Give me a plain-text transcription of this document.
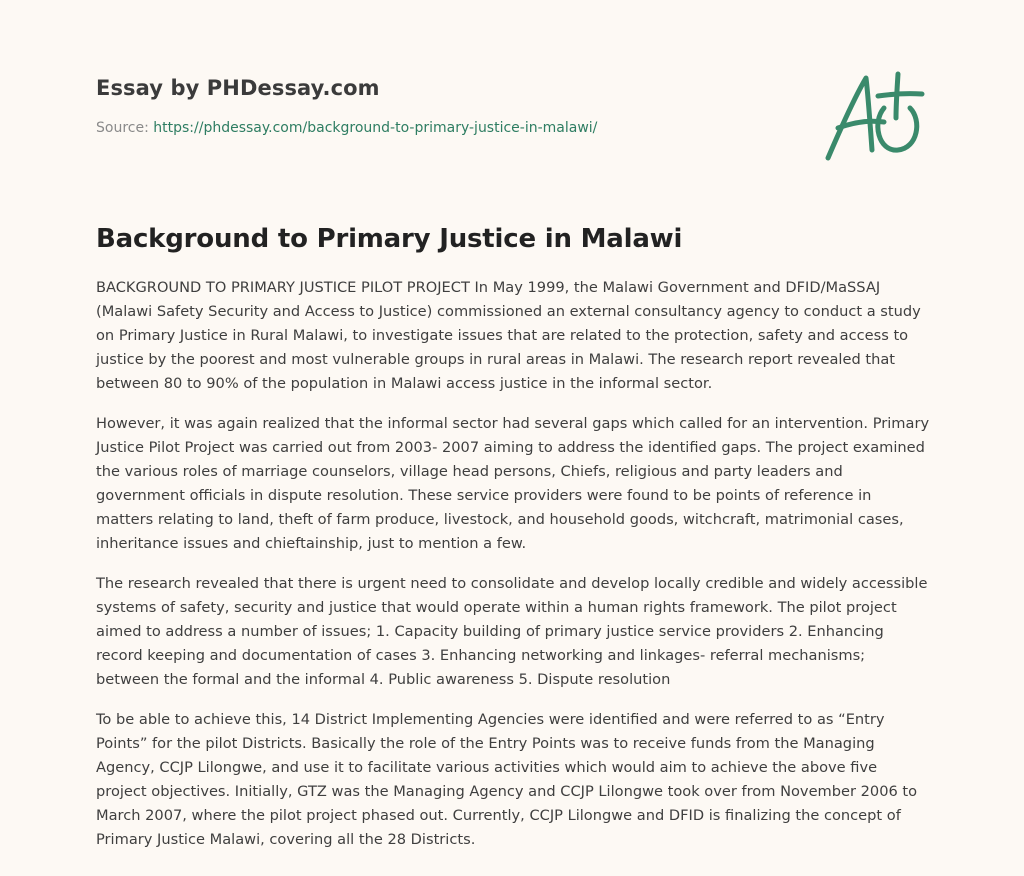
Essay by PHDessay.com
Source: https://phdessay.com/background-to-primary-justice-in-malawi/
Background to Primary Justice in Malawi

BACKGROUND TO PRIMARY JUSTICE PILOT PROJECT In May 1999, the Malawi Government and DFID/MaSSAJ (Malawi Safety Security and Access to Justice) commissioned an external consultancy agency to conduct a study on Primary Justice in Rural Malawi, to investigate issues that are related to the protection, safety and access to justice by the poorest and most vulnerable groups in rural areas in Malawi. The research report revealed that between 80 to 90% of the population in Malawi access justice in the informal sector.

However, it was again realized that the informal sector had several gaps which called for an intervention. Primary Justice Pilot Project was carried out from 2003- 2007 aiming to address the identified gaps. The project examined the various roles of marriage counselors, village head persons, Chiefs, religious and party leaders and government officials in dispute resolution. These service providers were found to be points of reference in matters relating to land, theft of farm produce, livestock, and household goods, witchcraft, matrimonial cases, inheritance issues and chieftainship, just to mention a few.

The research revealed that there is urgent need to consolidate and develop locally credible and widely accessible systems of safety, security and justice that would operate within a human rights framework. The pilot project aimed to address a number of issues; 1. Capacity building of primary justice service providers 2. Enhancing record keeping and documentation of cases 3. Enhancing networking and linkages- referral mechanisms; between the formal and the informal 4. Public awareness 5. Dispute resolution

To be able to achieve this, 14 District Implementing Agencies were identified and were referred to as “Entry Points” for the pilot Districts. Basically the role of the Entry Points was to receive funds from the Managing Agency, CCJP Lilongwe, and use it to facilitate various activities which would aim to achieve the above five project objectives. Initially, GTZ was the Managing Agency and CCJP Lilongwe took over from November 2006 to March 2007, where the pilot project phased out. Currently, CCJP Lilongwe and DFID is finalizing the concept of Primary Justice Malawi, covering all the 28 Districts.
